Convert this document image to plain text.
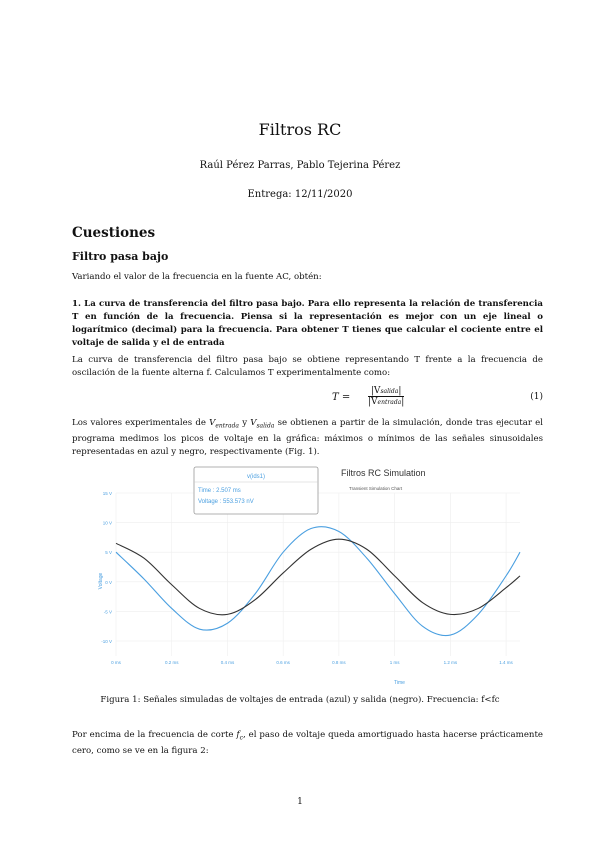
Filtros RC
Raúl Pérez Parras, Pablo Tejerina Pérez
Entrega: 12/11/2020
Cuestiones
Filtro pasa bajo
Variando el valor de la frecuencia en la fuente AC, obtén:
1. La curva de transferencia del filtro pasa bajo. Para ello representa la relación de transferencia T en función de la frecuencia. Piensa si la representación es mejor con un eje lineal o logarítmico (decimal) para la frecuencia. Para obtener T tienes que calcular el cociente entre el voltaje de salida y el de entrada
La curva de transferencia del filtro pasa bajo se obtiene representando T frente a la frecuencia de oscilación de la fuente alterna f. Calculamos T experimentalmente como:
T =
|Vsalida|
|Ventrada|	(1)
Los valores experimentales de $V_{entrada}$ y $V_{salida}$ se obtienen a partir de la simulación, donde tras ejecutar el programa medimos los picos de voltaje en la gráfica: máximos o mínimos de las señales sinusoidales representadas en azul y negro, respectivamente (Fig. 1).
15 V
10 V
5 V
0 V
-5 V
-10 V
0 ms	0.2 ms	0.4 ms	0.6 ms	0.8 ms	1 ms	1.2 ms	1.4 ms
Voltage
Time
Filtros RC Simulation
Transient Simulation Chart
v(ids1)
Time : 2.507 ms
Voltage : 553.573 nV
Figura 1: Señales simuladas de voltajes de entrada (azul) y salida (negro). Frecuencia: f<fc
Por encima de la frecuencia de corte $f_c$, el paso de voltaje queda amortiguado hasta hacerse prácticamente cero, como se ve en la figura 2:
1
